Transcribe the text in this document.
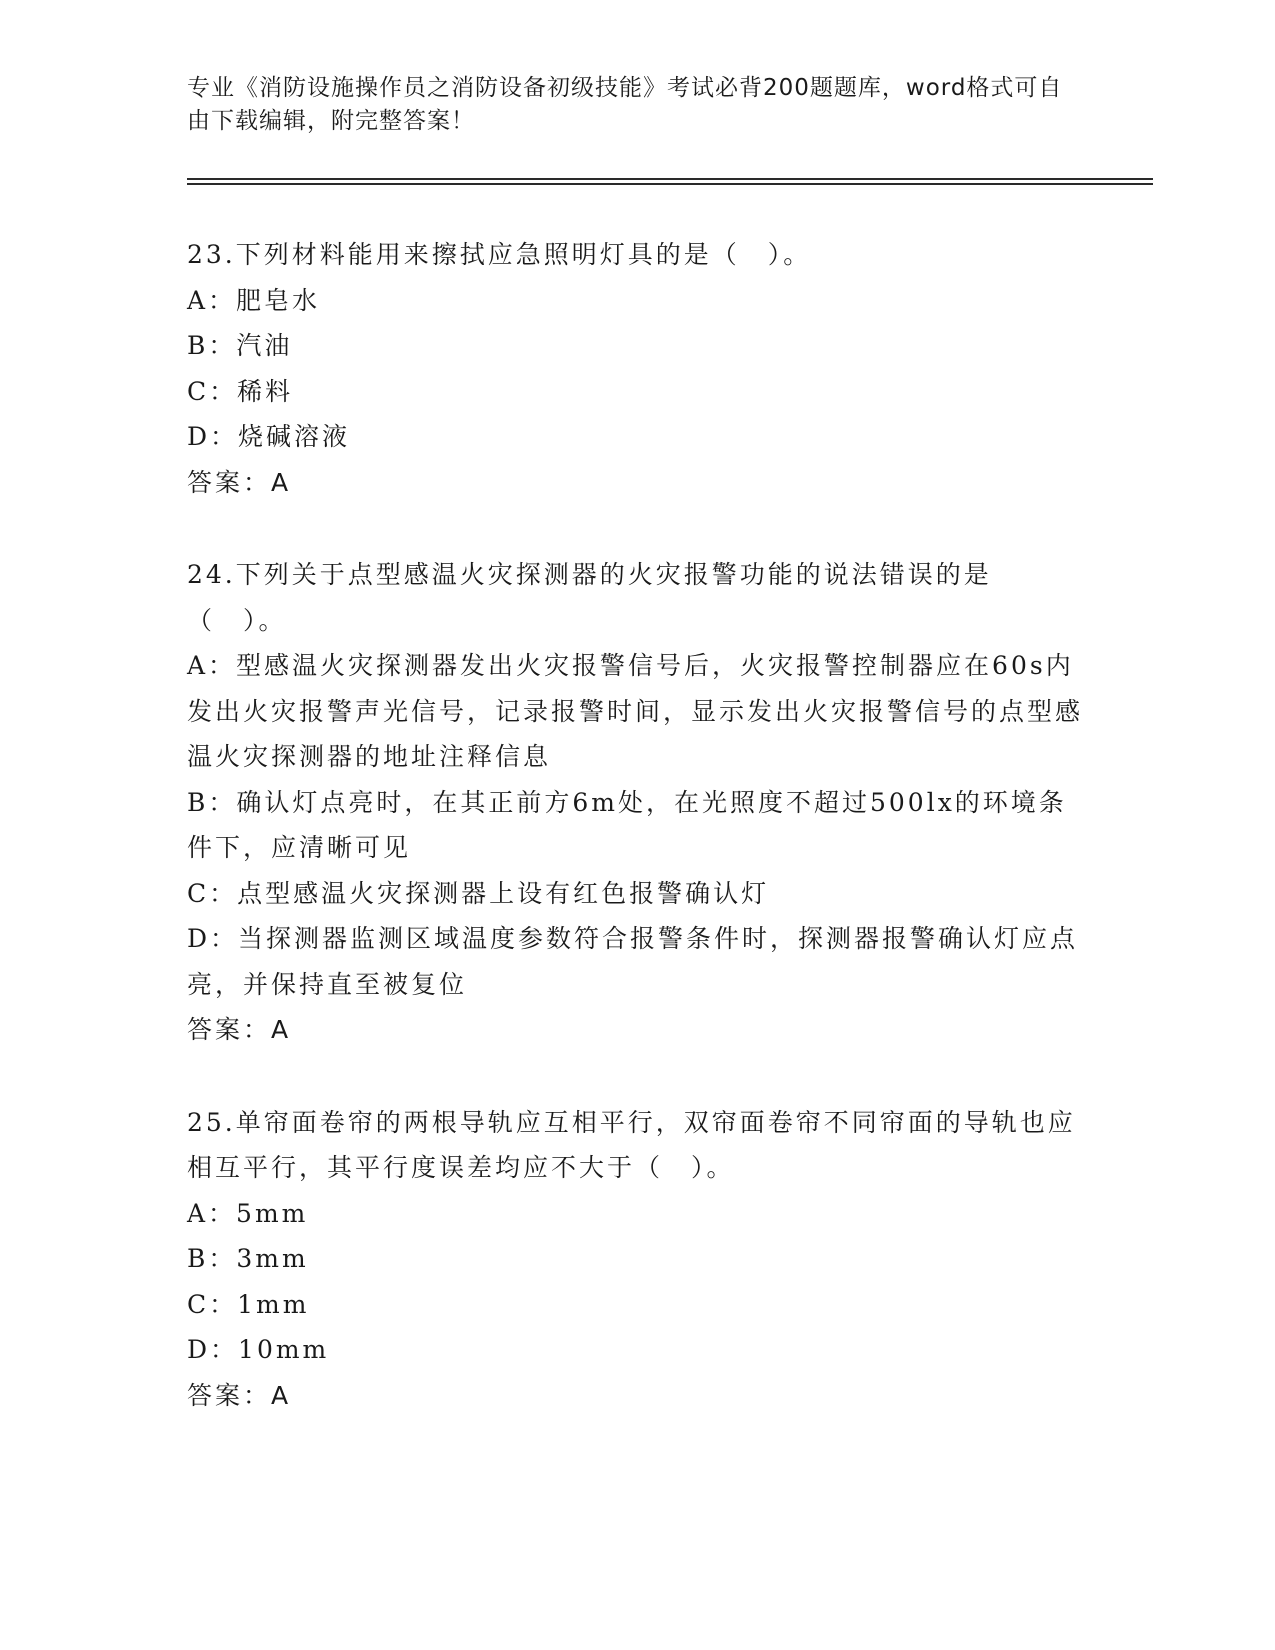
专业《消防设施操作员之消防设备初级技能》考试必背200题题库，word格式可自由下载编辑，附完整答案！

23.下列材料能用来擦拭应急照明灯具的是（　）。

A：肥皂水

B：汽油

C：稀料

D：烧碱溶液

答案：A

24.下列关于点型感温火灾探测器的火灾报警功能的说法错误的是（　）。

A：型感温火灾探测器发出火灾报警信号后，火灾报警控制器应在60s内发出火灾报警声光信号，记录报警时间，显示发出火灾报警信号的点型感温火灾探测器的地址注释信息

B：确认灯点亮时，在其正前方6m处，在光照度不超过500lx的环境条件下，应清晰可见

C：点型感温火灾探测器上设有红色报警确认灯

D：当探测器监测区域温度参数符合报警条件时，探测器报警确认灯应点亮，并保持直至被复位

答案：A

25.单帘面卷帘的两根导轨应互相平行，双帘面卷帘不同帘面的导轨也应相互平行，其平行度误差均应不大于（　）。

A：5mm

B：3mm

C：1mm

D：10mm

答案：A
